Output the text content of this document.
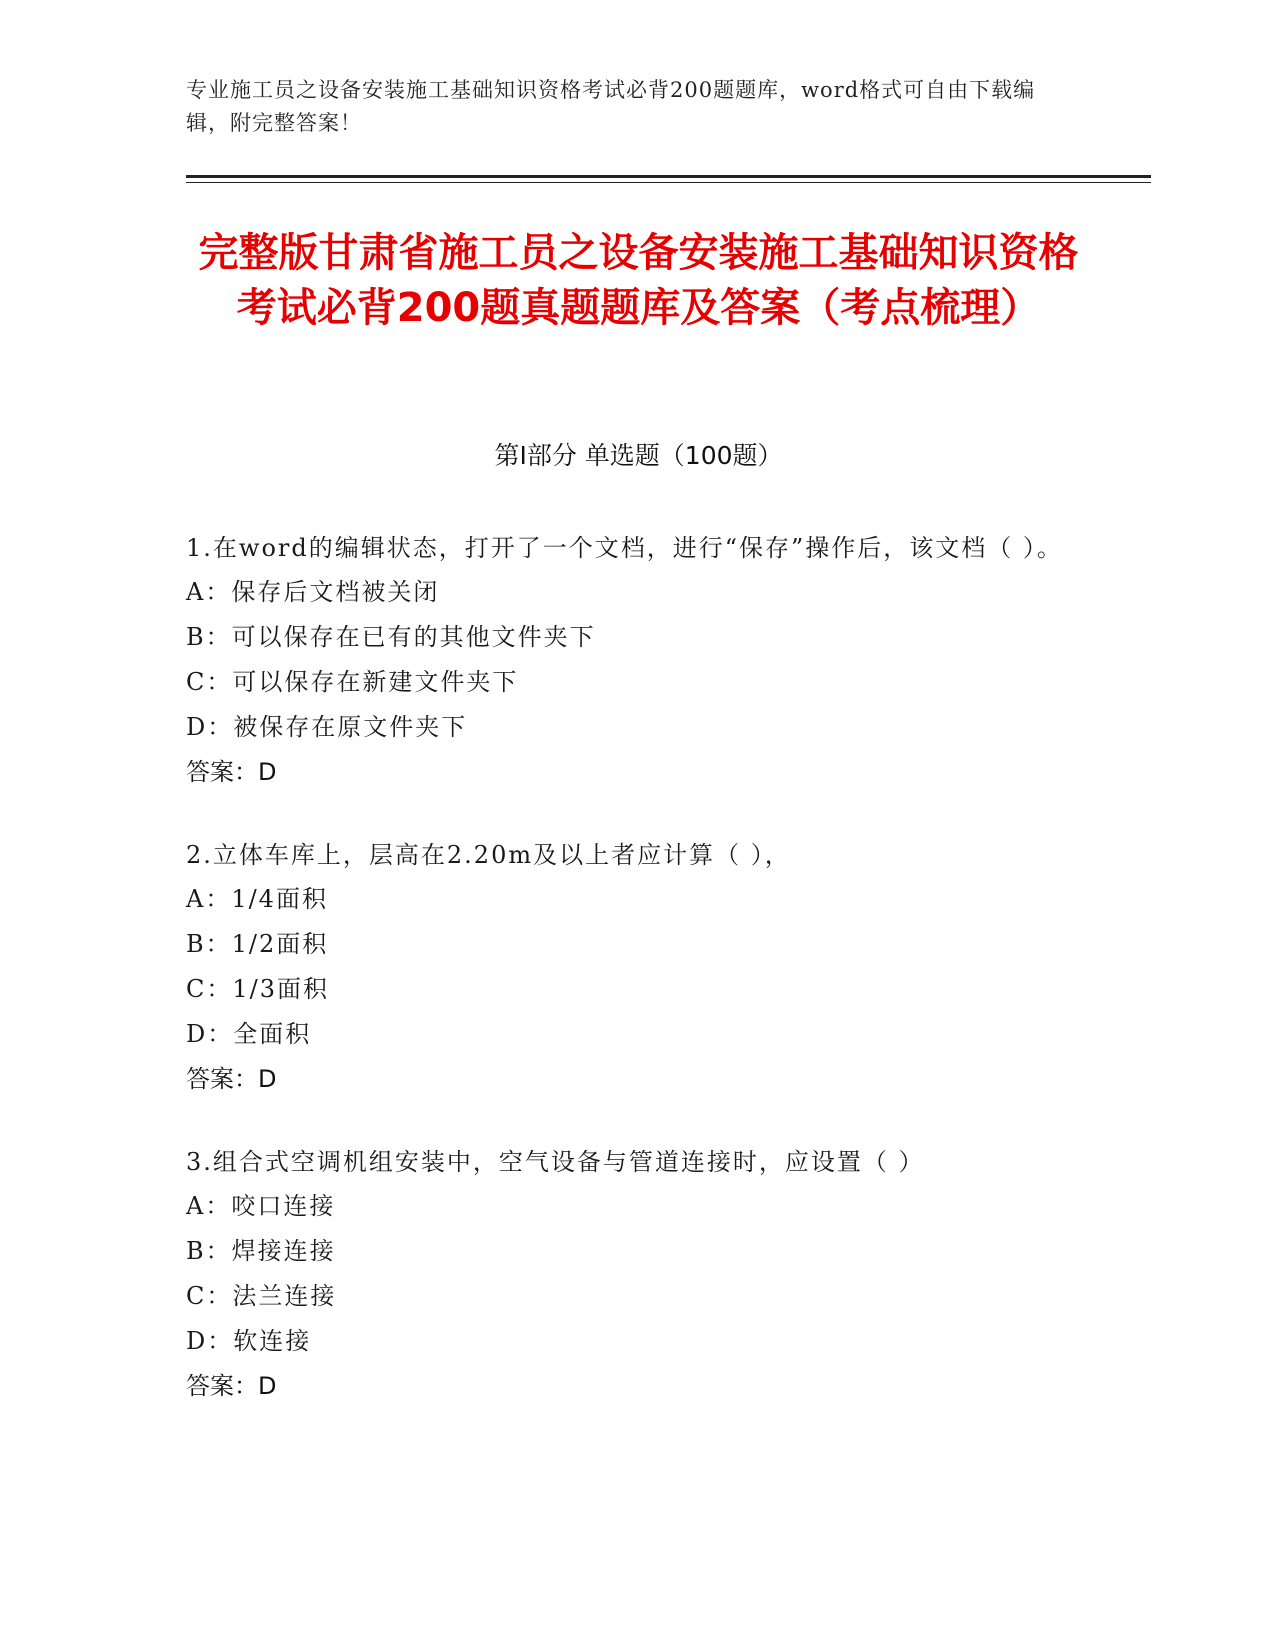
专业施工员之设备安装施工基础知识资格考试必背200题题库，word格式可自由下载编辑，附完整答案！
完整版甘肃省施工员之设备安装施工基础知识资格考试必背200题真题题库及答案（考点梳理）
第Ⅰ部分 单选题（100题）
1.在word的编辑状态，打开了一个文档，进行“保存”操作后，该文档（ ）。
A：保存后文档被关闭
B：可以保存在已有的其他文件夹下
C：可以保存在新建文件夹下
D：被保存在原文件夹下
答案：D
2.立体车库上，层高在2.20m及以上者应计算（ ），
A：1/4面积
B：1/2面积
C：1/3面积
D：全面积
答案：D
3.组合式空调机组安装中，空气设备与管道连接时，应设置（ ）
A：咬口连接
B：焊接连接
C：法兰连接
D：软连接
答案：D
